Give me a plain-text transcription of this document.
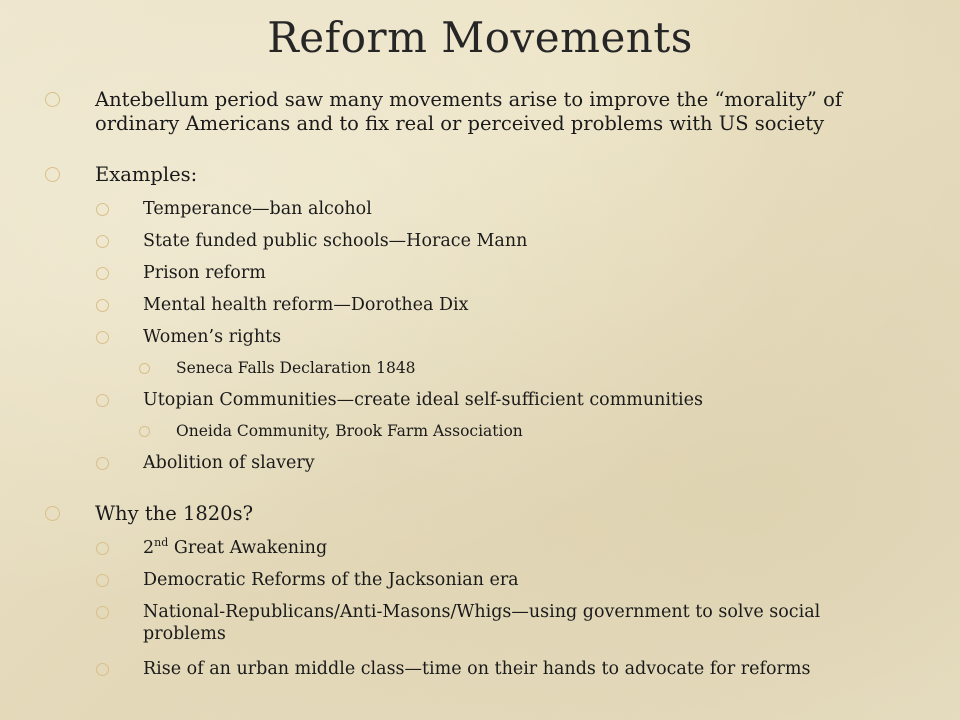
Reform Movements
Antebellum period saw many movements arise to improve the “morality” of
ordinary Americans and to fix real or perceived problems with US society
Examples:
Temperance—ban alcohol
State funded public schools—Horace Mann
Prison reform
Mental health reform—Dorothea Dix
Women’s rights
Seneca Falls Declaration 1848
Utopian Communities—create ideal self-sufficient communities
Oneida Community, Brook Farm Association
Abolition of slavery
Why the 1820s?
2nd Great Awakening
Democratic Reforms of the Jacksonian era
National-Republicans/Anti-Masons/Whigs—using government to solve social
problems
Rise of an urban middle class—time on their hands to advocate for reforms
